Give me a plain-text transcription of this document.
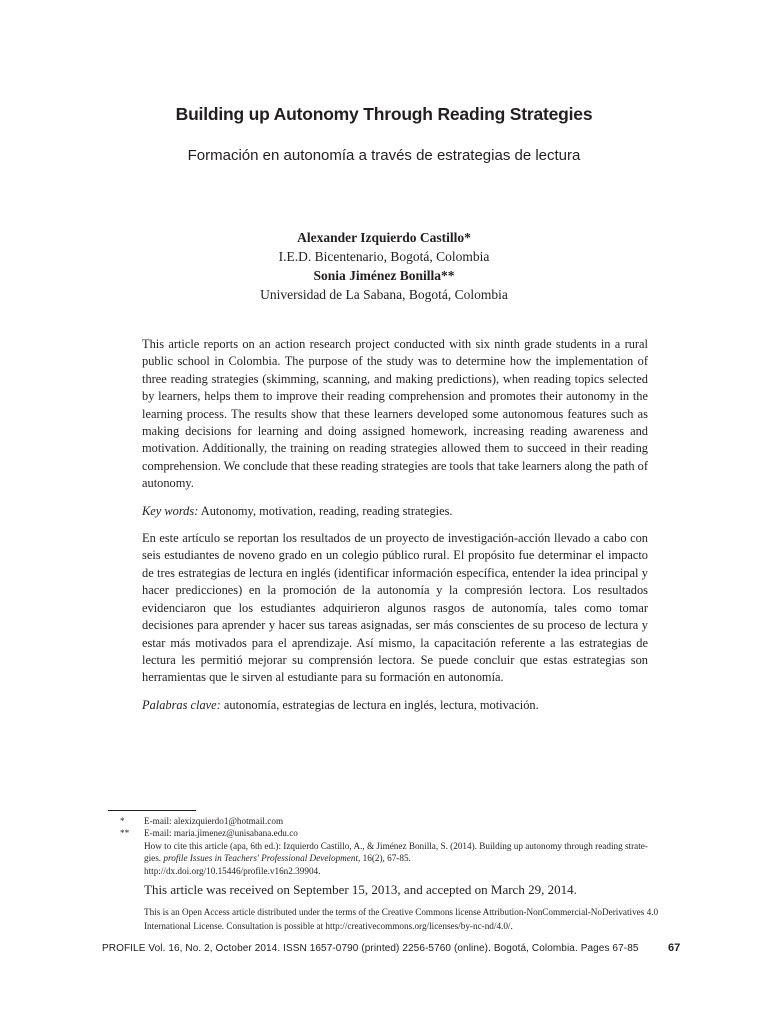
Building up Autonomy Through Reading Strategies
Formación en autonomía a través de estrategias de lectura
Alexander Izquierdo Castillo*
I.E.D. Bicentenario, Bogotá, Colombia
Sonia Jiménez Bonilla**
Universidad de La Sabana, Bogotá, Colombia

This article reports on an action research project conducted with six ninth grade students in a rural public school in Colombia. The purpose of the study was to determine how the implementation of three reading strategies (skimming, scanning, and making predictions), when reading topics selected by learners, helps them to improve their reading comprehension and promotes their autonomy in the learning process. The results show that these learners developed some autonomous features such as making decisions for learning and doing assigned homework, increasing reading awareness and motivation. Additionally, the training on reading strategies allowed them to succeed in their reading comprehension. We conclude that these reading strategies are tools that take learners along the path of autonomy.

Key words: Autonomy, motivation, reading, reading strategies.

En este artículo se reportan los resultados de un proyecto de investigación-acción llevado a cabo con seis estudiantes de noveno grado en un colegio público rural. El propósito fue determinar el impacto de tres estrategias de lectura en inglés (identificar información específica, entender la idea principal y hacer predicciones) en la promoción de la autonomía y la compresión lectora. Los resultados evidenciaron que los estudiantes adquirieron algunos rasgos de autonomía, tales como tomar decisiones para aprender y hacer sus tareas asignadas, ser más conscientes de su proceso de lectura y estar más motivados para el aprendizaje. Así mismo, la capacitación referente a las estrategias de lectura les permitió mejorar su comprensión lectora. Se puede concluir que estas estrategias son herramientas que le sirven al estudiante para su formación en autonomía.

Palabras clave: autonomía, estrategias de lectura en inglés, lectura, motivación.

*	E-mail: alexizquierdo1@hotmail.com
**	E-mail: maria.jimenez@unisabana.edu.co
How to cite this article (apa, 6th ed.): Izquierdo Castillo, A., & Jiménez Bonilla, S. (2014). Building up autonomy through reading strate-
gies. profile Issues in Teachers' Professional Development, 16(2), 67-85.
http://dx.doi.org/10.15446/profile.v16n2.39904.
This article was received on September 15, 2013, and accepted on March 29, 2014.
This is an Open Access article distributed under the terms of the Creative Commons license Attribution-NonCommercial-NoDerivatives 4.0 International License. Consultation is possible at http://creativecommons.org/licenses/by-nc-nd/4.0/.
PROFILE Vol. 16, No. 2, October 2014. ISSN 1657-0790 (printed) 2256-5760 (online). Bogotá, Colombia. Pages 67-85	67
